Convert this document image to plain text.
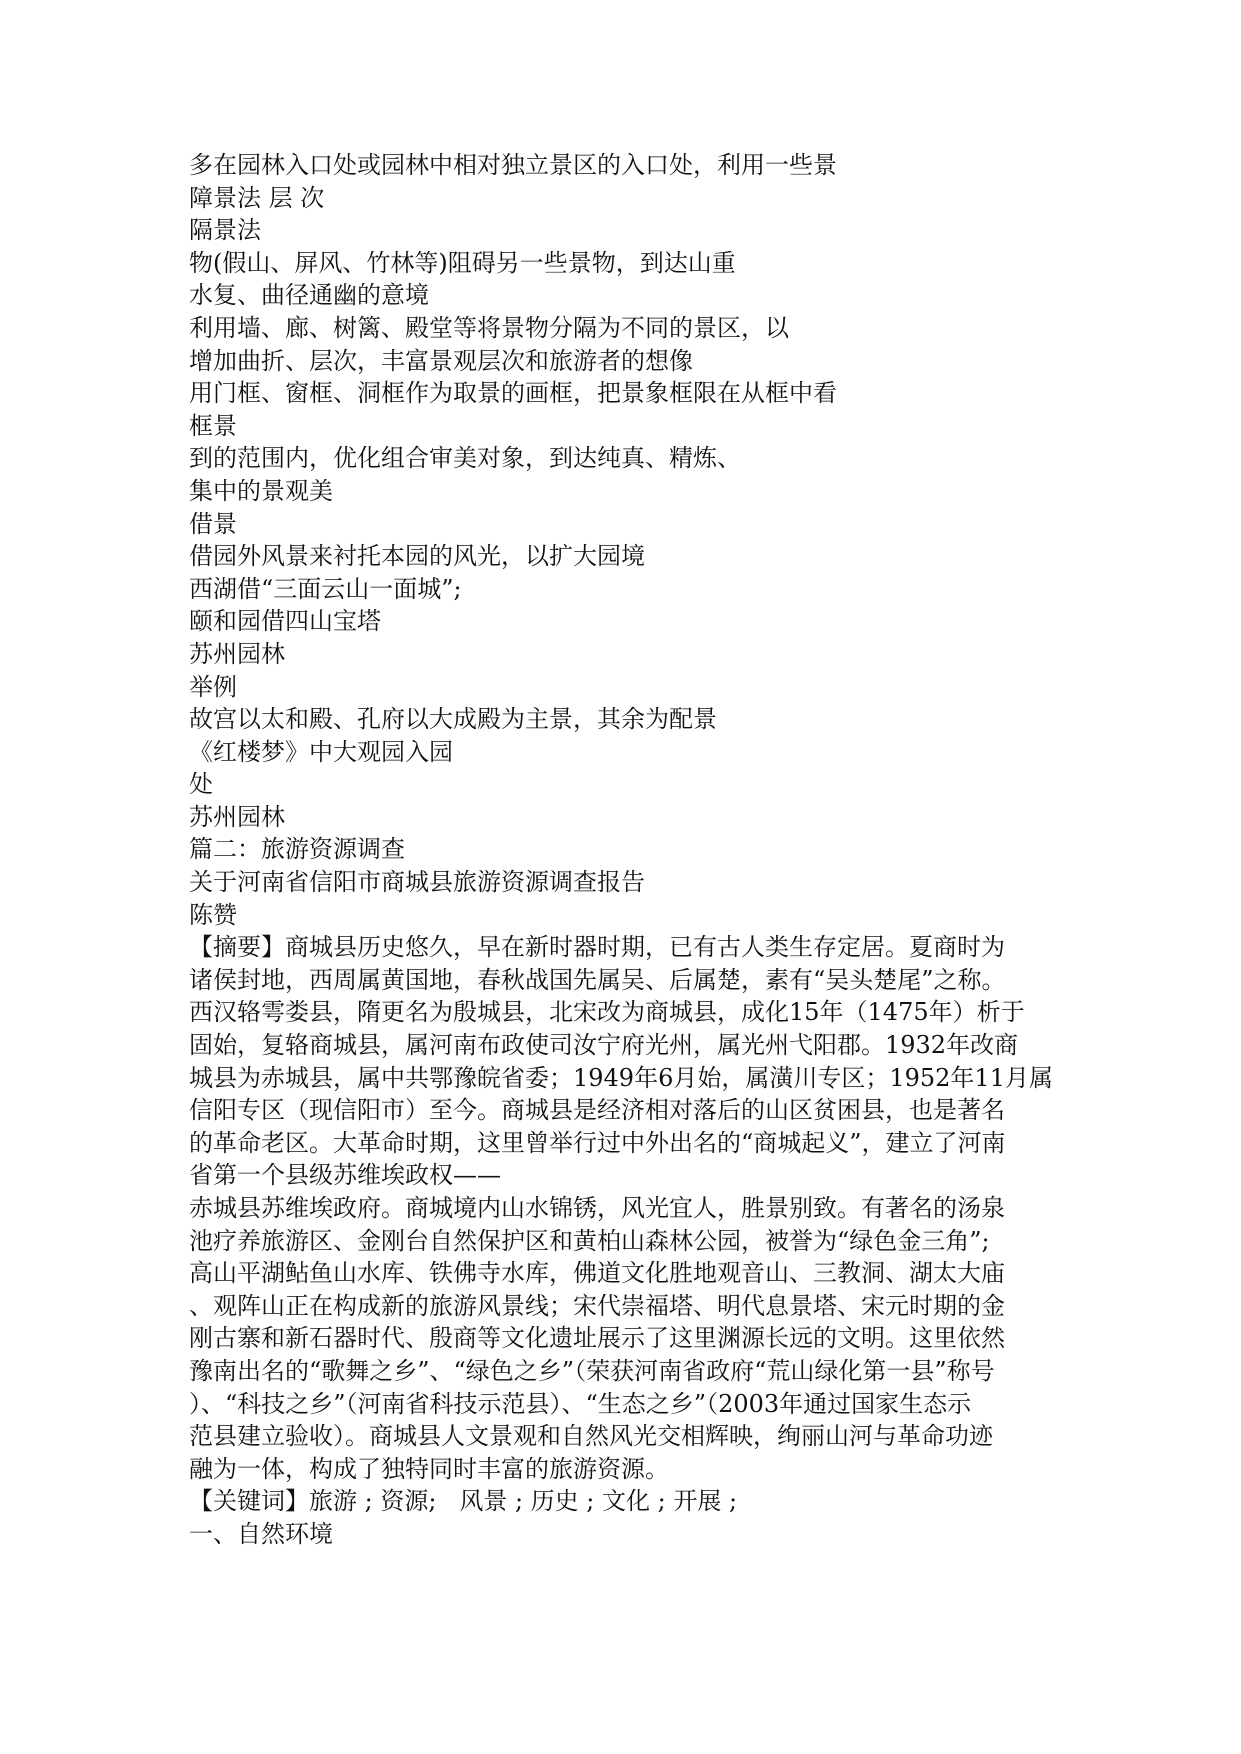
多在园林入口处或园林中相对独立景区的入口处，利用一些景

障景法 层 次

隔景法

物(假山、屏风、竹林等)阻碍另一些景物，到达山重

水复、曲径通幽的意境

利用墙、廊、树篱、殿堂等将景物分隔为不同的景区，以

增加曲折、层次，丰富景观层次和旅游者的想像

用门框、窗框、洞框作为取景的画框，把景象框限在从框中看

框景

到的范围内，优化组合审美对象，到达纯真、精炼、

集中的景观美

借景

借园外风景来衬托本园的风光，以扩大园境

西湖借“三面云山一面城”;

颐和园借四山宝塔

苏州园林

举例

故宫以太和殿、孔府以大成殿为主景，其余为配景

《红楼梦》中大观园入园

处

苏州园林

篇二：旅游资源调查

关于河南省信阳市商城县旅游资源调查报告

陈赞

【摘要】商城县历史悠久，早在新时器时期，已有古人类生存定居。夏商时为

诸侯封地，西周属黄国地，春秋战国先属吴、后属楚，素有“吴头楚尾”之称。

西汉辂雩娄县，隋更名为殷城县，北宋改为商城县，成化15年（1475年）析于

固始，复辂商城县，属河南布政使司汝宁府光州，属光州弋阳郡。1932年改商

城县为赤城县，属中共鄂豫皖省委；1949年6月始，属潢川专区；1952年11月属

信阳专区（现信阳市）至今。商城县是经济相对落后的山区贫困县，也是著名

的革命老区。大革命时期，这里曾举行过中外出名的“商城起义”，建立了河南

省第一个县级苏维埃政权——

赤城县苏维埃政府。商城境内山水锦锈，风光宜人，胜景别致。有著名的汤泉

池疗养旅游区、金刚台自然保护区和黄柏山森林公园，被誉为“绿色金三角”;

高山平湖鲇鱼山水库、铁佛寺水库，佛道文化胜地观音山、三教洞、湖太大庙

、观阵山正在构成新的旅游风景线；宋代崇福塔、明代息景塔、宋元时期的金

刚古寨和新石器时代、殷商等文化遗址展示了这里渊源长远的文明。这里依然

豫南出名的“歌舞之乡”、“绿色之乡”（荣获河南省政府“荒山绿化第一县”称号

）、“科技之乡”（河南省科技示范县）、“生态之乡”（2003年通过国家生态示

范县建立验收）。商城县人文景观和自然风光交相辉映，绚丽山河与革命功迹

融为一体，构成了独特同时丰富的旅游资源。

【关键词】旅游 ; 资源;   风景 ; 历史 ; 文化 ; 开展 ;

一、自然环境
